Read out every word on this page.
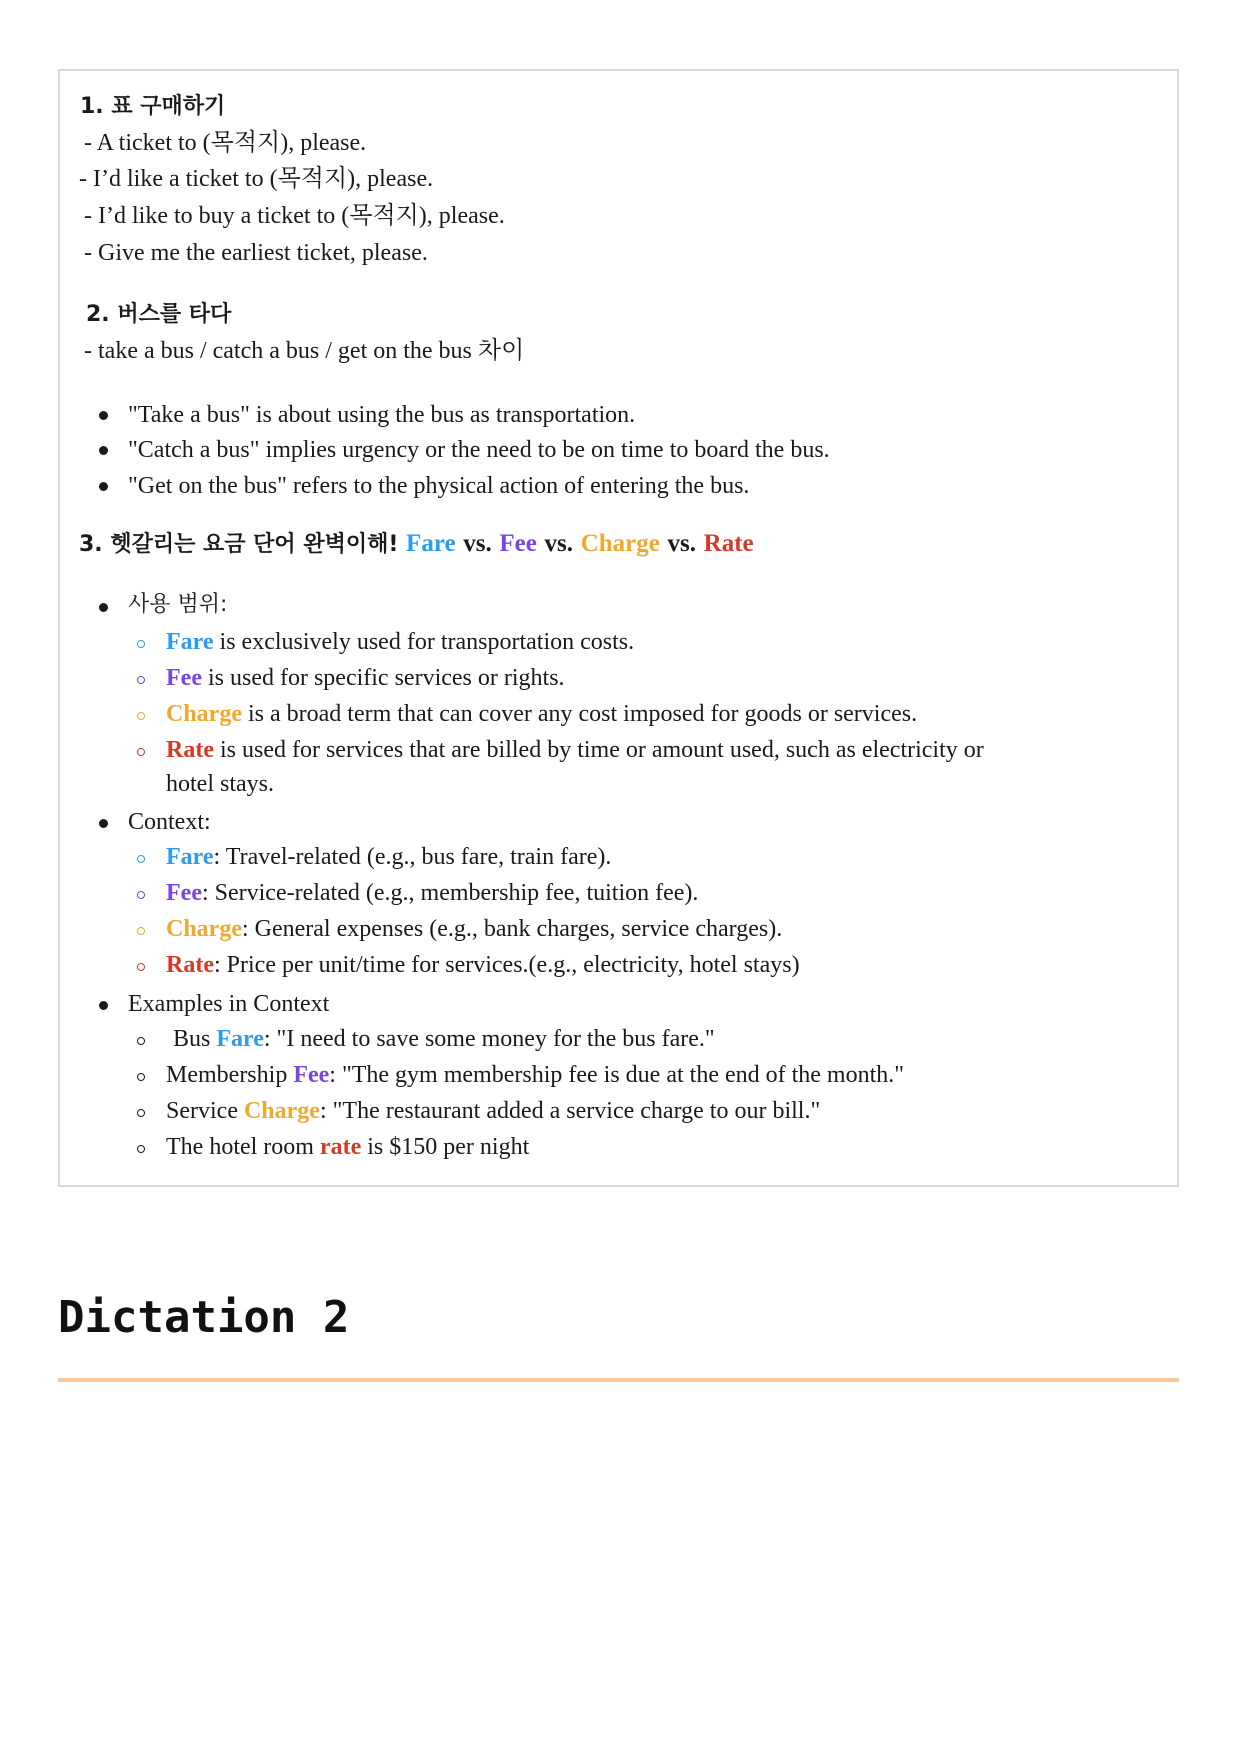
1. 표 구매하기
- A ticket to (목적지), please.
- I’d like a ticket to (목적지), please.
- I’d like to buy a ticket to (목적지), please.
- Give me the earliest ticket, please.
2. 버스를 타다
- take a bus / catch a bus / get on the bus 차이
"Take a bus" is about using the bus as transportation.
"Catch a bus" implies urgency or the need to be on time to board the bus.
"Get on the bus" refers to the physical action of entering the bus.
3. 헷갈리는 요금 단어 완벽이해! Fare vs. Fee vs. Charge vs. Rate
사용 범위:
Fare is exclusively used for transportation costs.
Fee is used for specific services or rights.
Charge is a broad term that can cover any cost imposed for goods or services.
Rate is used for services that are billed by time or amount used, such as electricity or
hotel stays.
Context:
Fare: Travel-related (e.g., bus fare, train fare).
Fee: Service-related (e.g., membership fee, tuition fee).
Charge: General expenses (e.g., bank charges, service charges).
Rate: Price per unit/time for services.(e.g., electricity, hotel stays)
Examples in Context
Bus Fare: "I need to save some money for the bus fare."
Membership Fee: "The gym membership fee is due at the end of the month."
Service Charge: "The restaurant added a service charge to our bill."
The hotel room rate is $150 per night
Dictation 2
